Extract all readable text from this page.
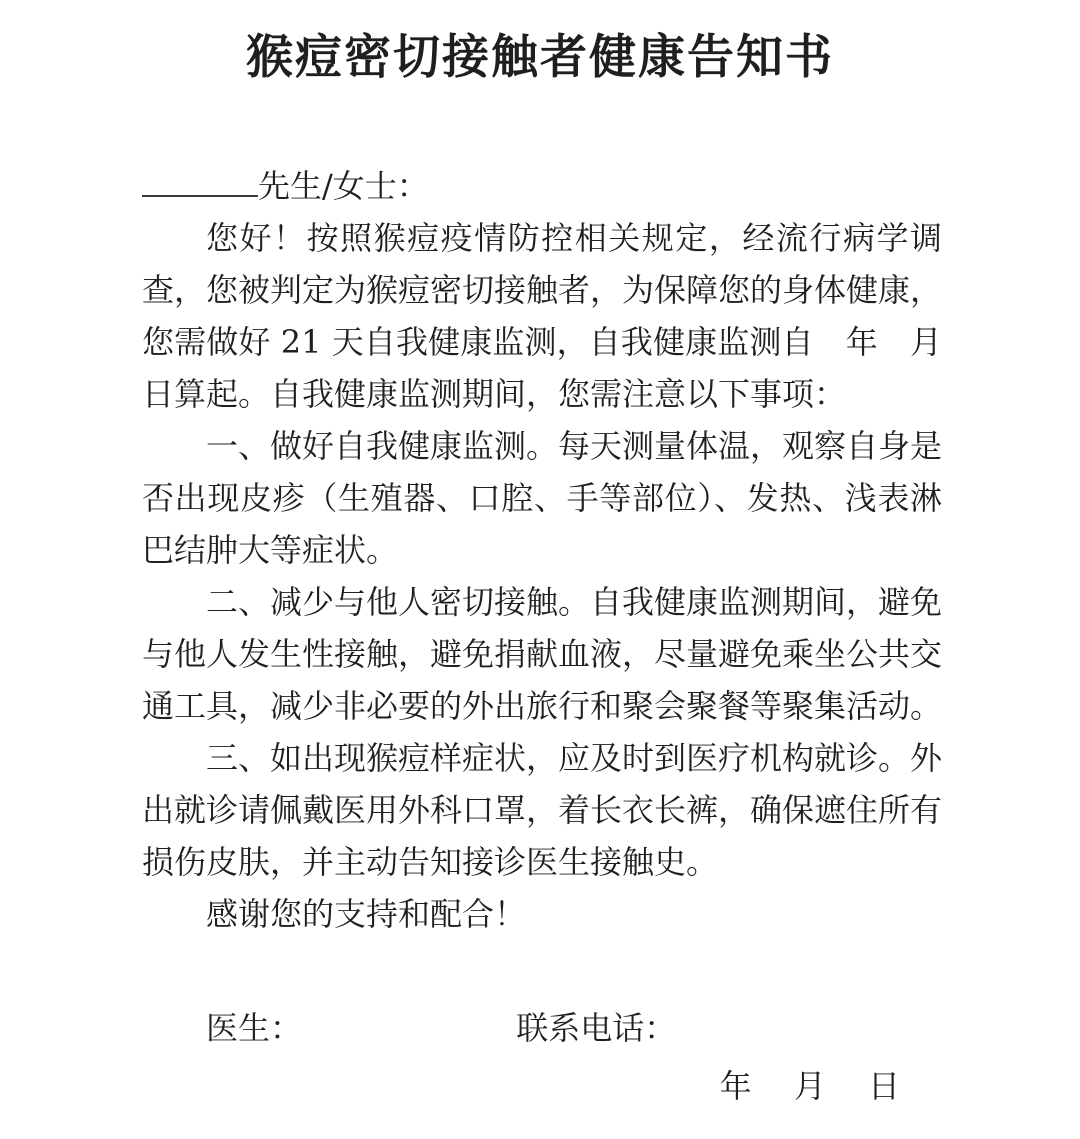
猴痘密切接触者健康告知书
先生/女士：

您好！按照猴痘疫情防控相关规定，经流行病学调查，您被判定为猴痘密切接触者，为保障您的身体健康，您需做好 21 天自我健康监测，自我健康监测自　年　月　日算起。自我健康监测期间，您需注意以下事项：

一、做好自我健康监测。每天测量体温，观察自身是否出现皮疹（生殖器、口腔、手等部位）、发热、浅表淋巴结肿大等症状。

二、减少与他人密切接触。自我健康监测期间，避免与他人发生性接触，避免捐献血液，尽量避免乘坐公共交通工具，减少非必要的外出旅行和聚会聚餐等聚集活动。

三、如出现猴痘样症状，应及时到医疗机构就诊。外出就诊请佩戴医用外科口罩，着长衣长裤，确保遮住所有损伤皮肤，并主动告知接诊医生接触史。

感谢您的支持和配合！

医生：	联系电话：
年　 月　 日
